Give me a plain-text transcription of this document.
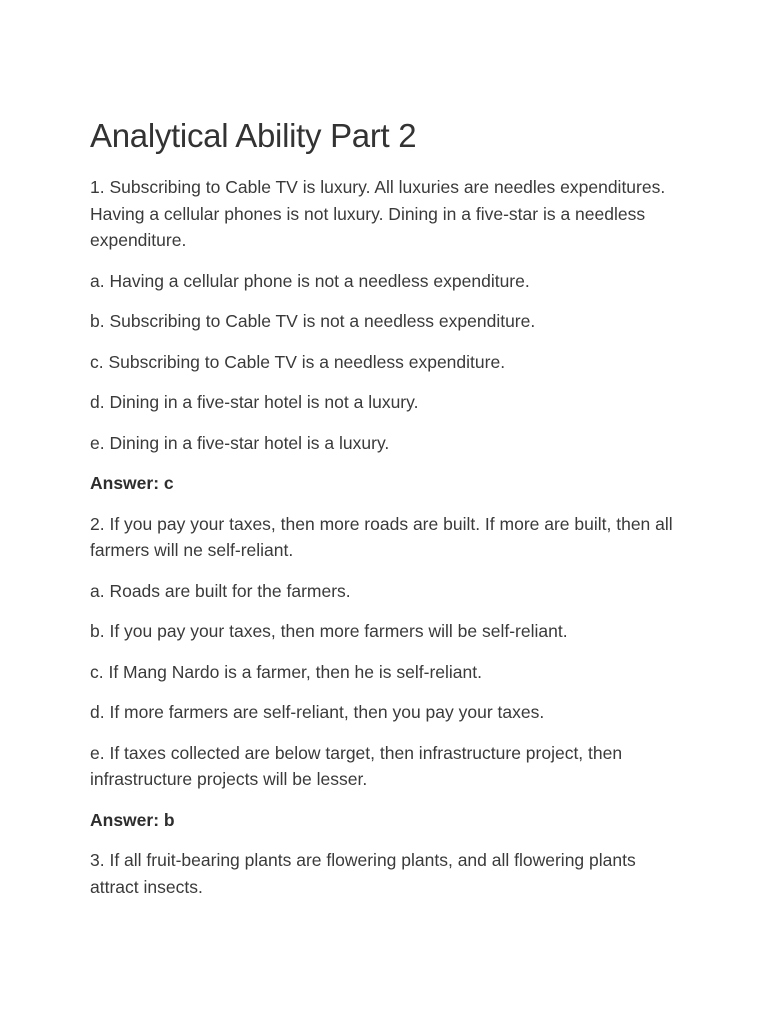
Analytical Ability Part 2

1. Subscribing to Cable TV is luxury. All luxuries are needles expenditures. Having a cellular phones is not luxury. Dining in a five-star is a needless expenditure.

a. Having a cellular phone is not a needless expenditure.

b. Subscribing to Cable TV is not a needless expenditure.

c. Subscribing to Cable TV is a needless expenditure.

d. Dining in a five-star hotel is not a luxury.

e. Dining in a five-star hotel is a luxury.

Answer: c

2. If you pay your taxes, then more roads are built. If more are built, then all farmers will ne self-reliant.

a. Roads are built for the farmers.

b. If you pay your taxes, then more farmers will be self-reliant.

c. If Mang Nardo is a farmer, then he is self-reliant.

d. If more farmers are self-reliant, then you pay your taxes.

e. If taxes collected are below target, then infrastructure project, then infrastructure projects will be lesser.

Answer: b

3. If all fruit-bearing plants are flowering plants, and all flowering plants attract insects.
